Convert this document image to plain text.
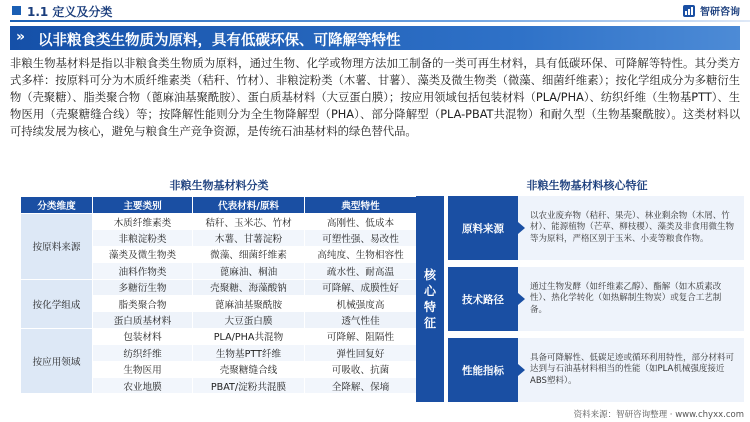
1.1 定义及分类	智研咨询
» 以非粮食类生物质为原料，具有低碳环保、可降解等特性
非粮生物基材料是指以非粮食类生物质为原料，通过生物、化学或物理方法加工制备的一类可再生材料，具有低碳环保、可降解等特性。其分类方式多样：按原料可分为木质纤维素类（秸秆、竹材）、非粮淀粉类（木薯、甘薯）、藻类及微生物类（微藻、细菌纤维素）；按化学组成分为多糖衍生物（壳聚糖）、脂类聚合物（蓖麻油基聚酰胺）、蛋白质基材料（大豆蛋白膜）；按应用领域包括包装材料（PLA/PHA）、纺织纤维（生物基PTT）、生物医用（壳聚糖缝合线）等；按降解性能则分为全生物降解型（PHA）、部分降解型（PLA-PBAT共混物）和耐久型（生物基聚酰胺）。这类材料以可持续发展为核心，避免与粮食生产竞争资源，是传统石油基材料的绿色替代品。
非粮生物基材料分类	非粮生物基材料核心特征
分类维度	主要类别	代表材料/原料	典型特性
按原料来源	木质纤维素类	秸秆、玉米芯、竹材	高刚性、低成本
	非粮淀粉类	木薯、甘薯淀粉	可塑性强、易改性
	藻类及微生物类	微藻、细菌纤维素	高纯度、生物相容性
	油料作物类	蓖麻油、桐油	疏水性、耐高温
按化学组成	多糖衍生物	壳聚糖、海藻酸钠	可降解、成膜性好
	脂类聚合物	蓖麻油基聚酰胺	机械强度高
	蛋白质基材料	大豆蛋白膜	透气性佳
按应用领域	包装材料	PLA/PHA共混物	可降解、阻隔性
	纺织纤维	生物基PTT纤维	弹性回复好
	生物医用	壳聚糖缝合线	可吸收、抗菌
	农业地膜	PBAT/淀粉共混膜	全降解、保墒
核
心
特
征
原料来源
以农业废弃物（秸秆、果壳）、林业剩余物（木屑、竹材）、能源植物（芒草、柳枝稷）、藻类及非食用微生物等为原料，严格区别于玉米、小麦等粮食作物。
技术路径
通过生物发酵（如纤维素乙醇）、酯解（如木质素改性）、热化学转化（如热解制生物炭）或复合工艺制备。
性能指标
具备可降解性、低碳足迹或循环利用特性，部分材料可达到与石油基材料相当的性能（如PLA机械强度接近ABS塑料）。
资料来源：智研咨询整理 · www.chyxx.com
